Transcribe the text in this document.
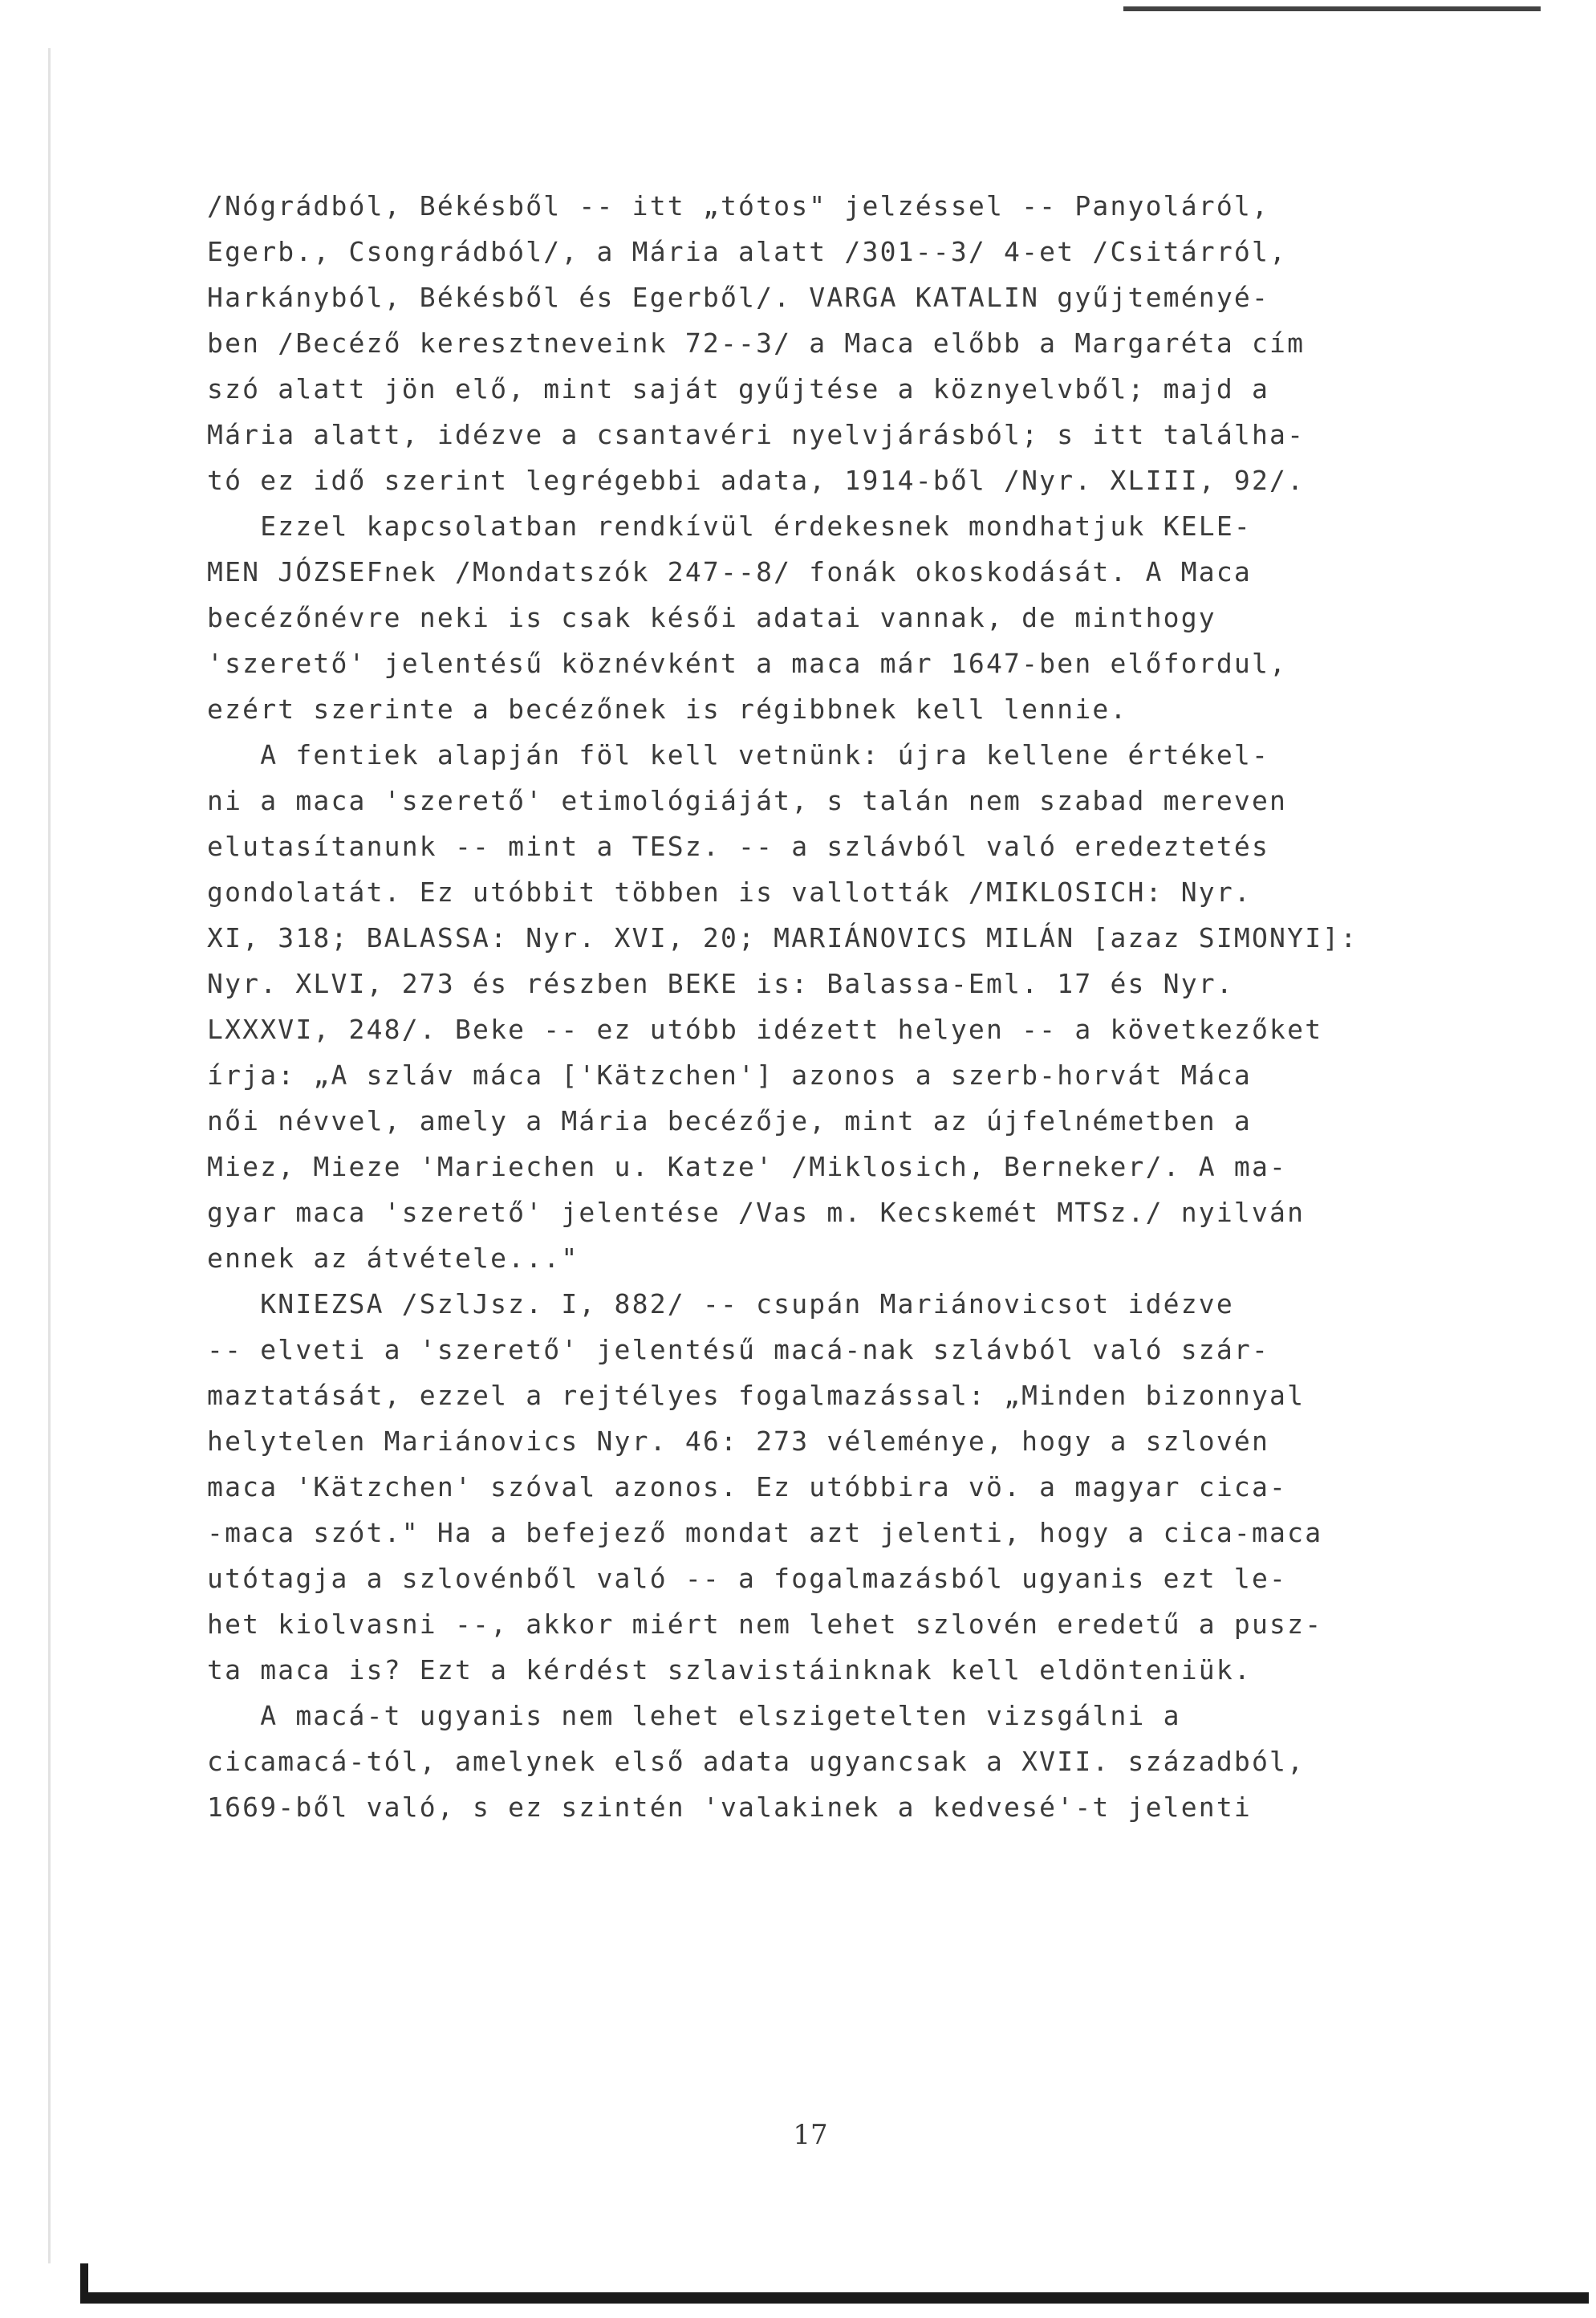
/Nógrádból, Békésből -- itt „tótos" jelzéssel -- Panyoláról,
Egerb., Csongrádból/, a Mária alatt /301--3/ 4-et /Csitárról,
Harkányból, Békésből és Egerből/. VARGA KATALIN gyűjteményé-
ben /Becéző keresztneveink 72--3/ a Maca előbb a Margaréta cím
szó alatt jön elő, mint saját gyűjtése a köznyelvből; majd a
Mária alatt, idézve a csantavéri nyelvjárásból; s itt találha-
tó ez idő szerint legrégebbi adata, 1914-ből /Nyr. XLIII, 92/.
Ezzel kapcsolatban rendkívül érdekesnek mondhatjuk KELE-
MEN JÓZSEFnek /Mondatszók 247--8/ fonák okoskodását. A Maca
becézőnévre neki is csak késői adatai vannak, de minthogy
'szerető' jelentésű köznévként a maca már 1647-ben előfordul,
ezért szerinte a becézőnek is régibbnek kell lennie.
A fentiek alapján föl kell vetnünk: újra kellene értékel-
ni a maca 'szerető' etimológiáját, s talán nem szabad mereven
elutasítanunk -- mint a TESz. -- a szlávból való eredeztetés
gondolatát. Ez utóbbit többen is vallották /MIKLOSICH: Nyr.
XI, 318; BALASSA: Nyr. XVI, 20; MARIÁNOVICS MILÁN [azaz SIMONYI]:
Nyr. XLVI, 273 és részben BEKE is: Balassa-Eml. 17 és Nyr.
LXXXVI, 248/. Beke -- ez utóbb idézett helyen -- a következőket
írja: „A szláv máca ['Kätzchen'] azonos a szerb-horvát Máca
női névvel, amely a Mária becézője, mint az újfelnémetben a
Miez, Mieze 'Mariechen u. Katze' /Miklosich, Berneker/. A ma-
gyar maca 'szerető' jelentése /Vas m. Kecskemét MTSz./ nyilván
ennek az átvétele..."
KNIEZSA /SzlJsz. I, 882/ -- csupán Mariánovicsot idézve
-- elveti a 'szerető' jelentésű macá-nak szlávból való szár-
maztatását, ezzel a rejtélyes fogalmazással: „Minden bizonnyal
helytelen Mariánovics Nyr. 46: 273 véleménye, hogy a szlovén
maca 'Kätzchen' szóval azonos. Ez utóbbira vö. a magyar cica-
-maca szót." Ha a befejező mondat azt jelenti, hogy a cica-maca
utótagja a szlovénből való -- a fogalmazásból ugyanis ezt le-
het kiolvasni --, akkor miért nem lehet szlovén eredetű a pusz-
ta maca is? Ezt a kérdést szlavistáinknak kell eldönteniük.
A macá-t ugyanis nem lehet elszigetelten vizsgálni a
cicamacá-tól, amelynek első adata ugyancsak a XVII. századból,
1669-ből való, s ez szintén 'valakinek a kedvesé'-t jelenti
17
